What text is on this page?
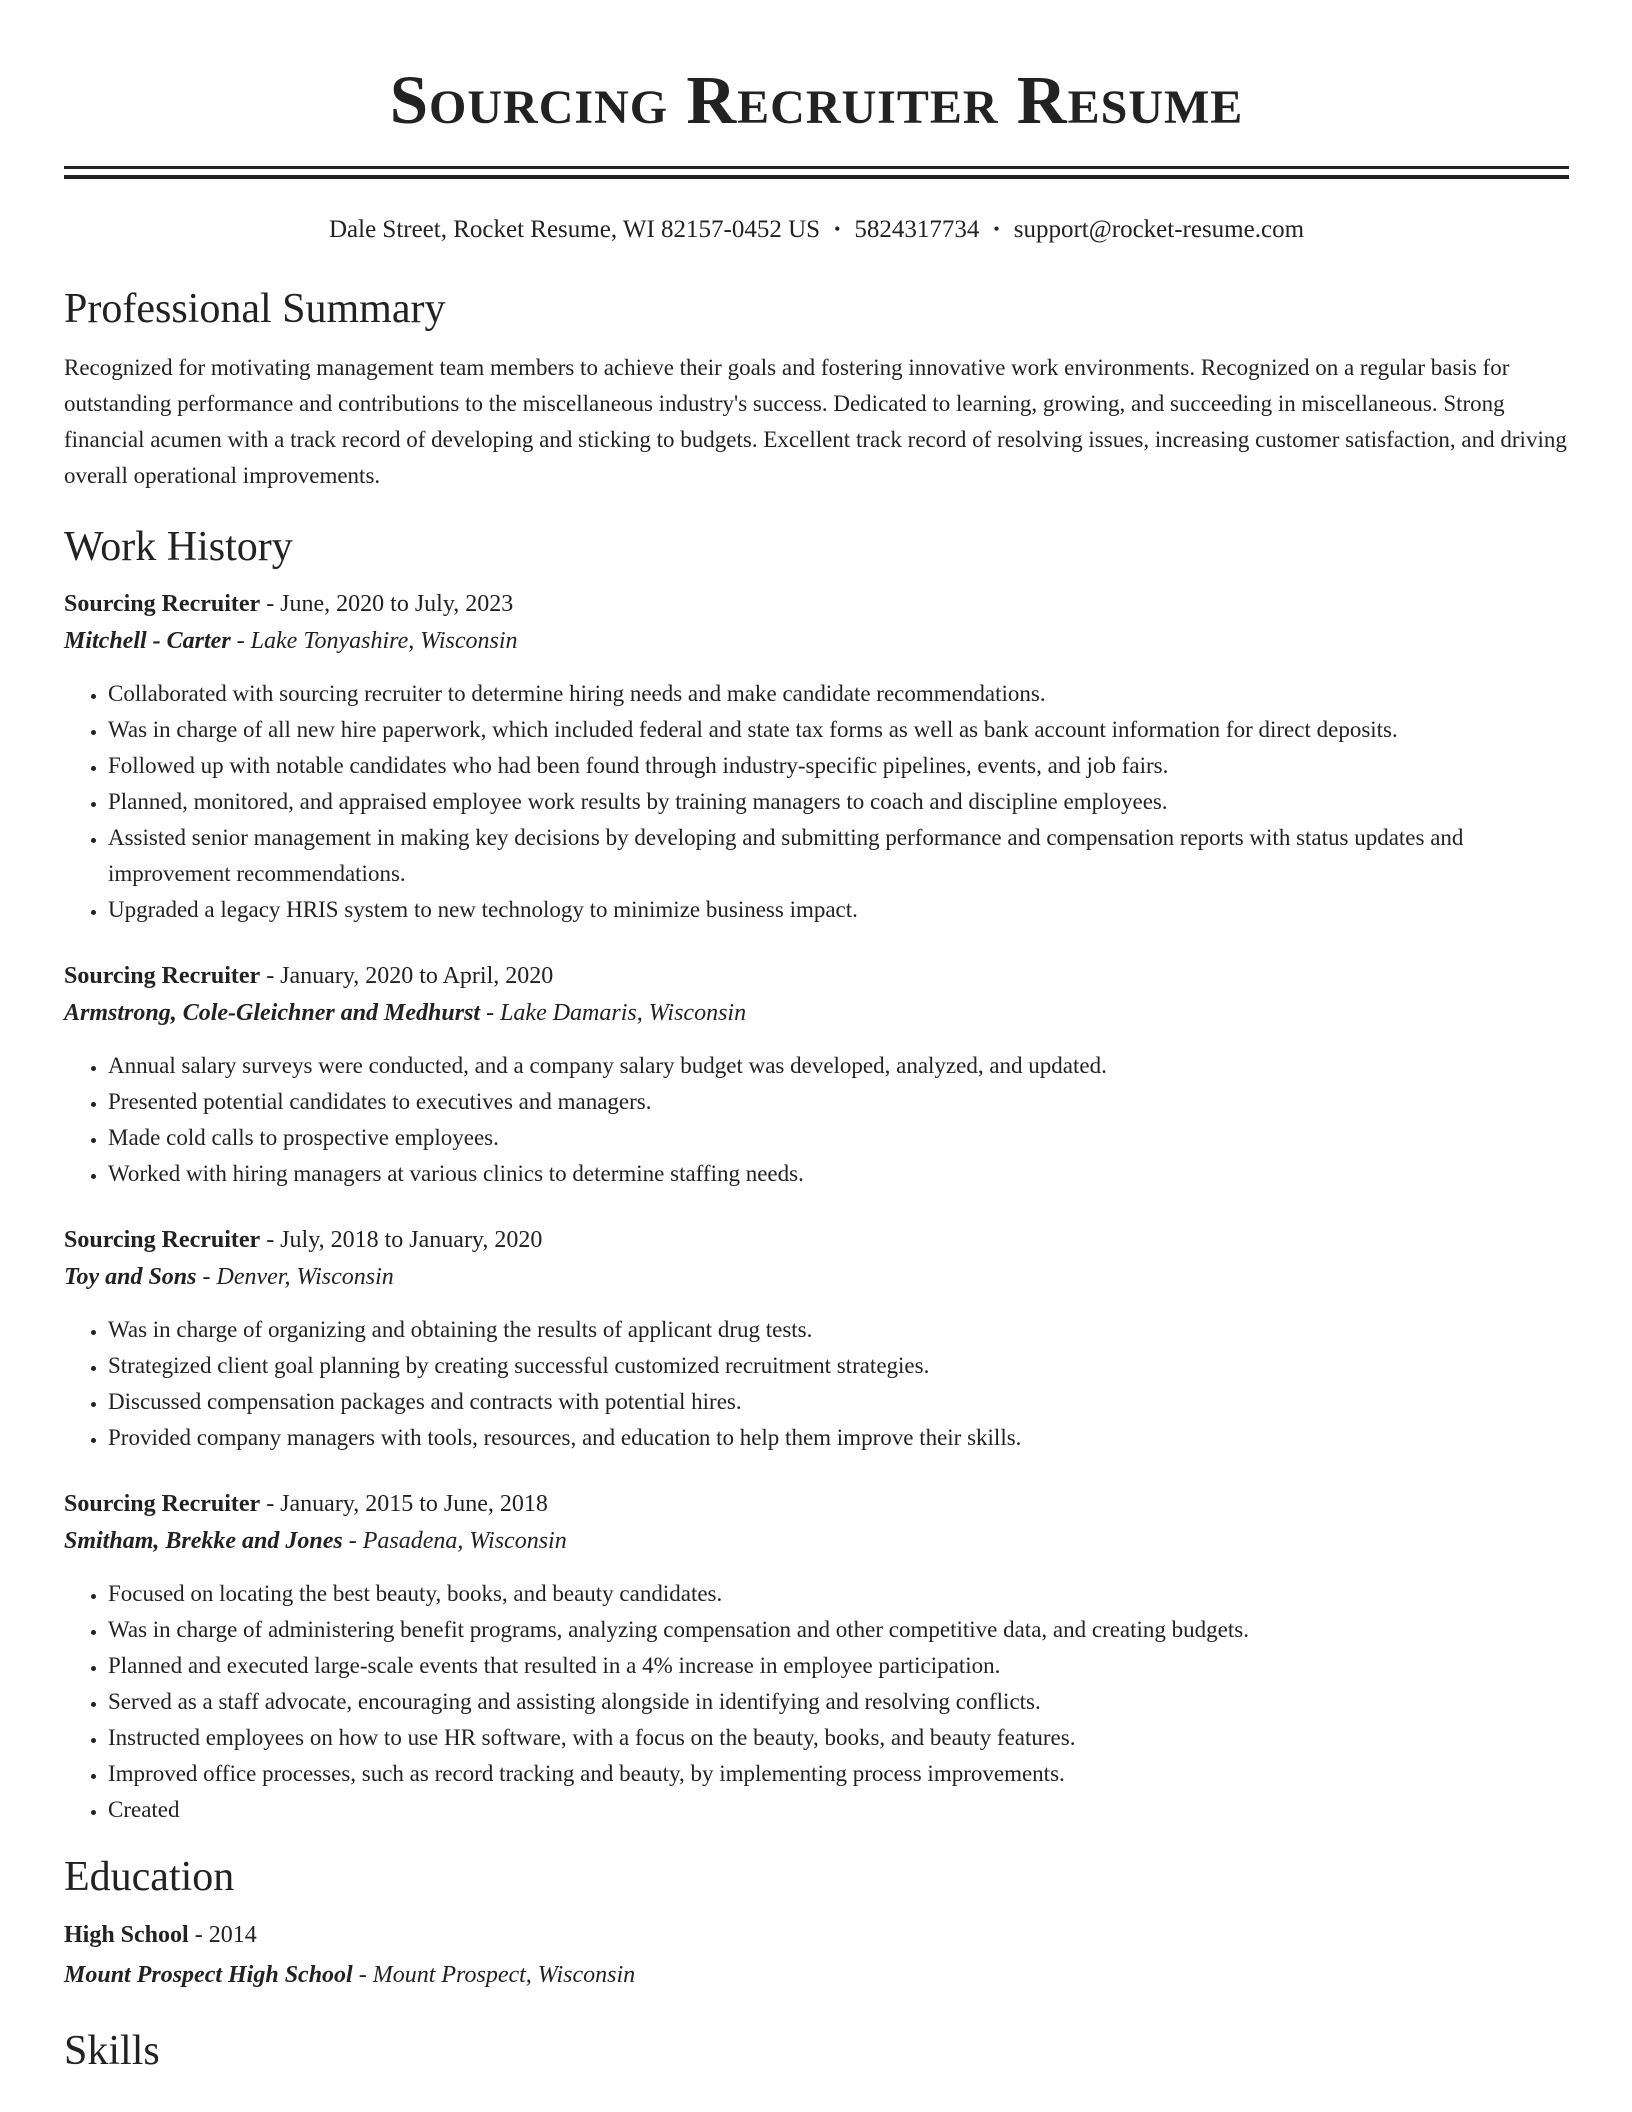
Sourcing Recruiter Resume
Dale Street, Rocket Resume, WI 82157-0452 US • 5824317734 • support@rocket-resume.com
Professional Summary

Recognized for motivating management team members to achieve their goals and fostering innovative work environments. Recognized on a regular basis for outstanding performance and contributions to the miscellaneous industry's success. Dedicated to learning, growing, and succeeding in miscellaneous. Strong financial acumen with a track record of developing and sticking to budgets. Excellent track record of resolving issues, increasing customer satisfaction, and driving overall operational improvements.

Work History
Sourcing Recruiter - June, 2020 to July, 2023
Mitchell - Carter - Lake Tonyashire, Wisconsin
• Collaborated with sourcing recruiter to determine hiring needs and make candidate recommendations.
• Was in charge of all new hire paperwork, which included federal and state tax forms as well as bank account information for direct deposits.
• Followed up with notable candidates who had been found through industry-specific pipelines, events, and job fairs.
• Planned, monitored, and appraised employee work results by training managers to coach and discipline employees.
• Assisted senior management in making key decisions by developing and submitting performance and compensation reports with status updates and improvement recommendations.
• Upgraded a legacy HRIS system to new technology to minimize business impact.
Sourcing Recruiter - January, 2020 to April, 2020
Armstrong, Cole-Gleichner and Medhurst - Lake Damaris, Wisconsin
• Annual salary surveys were conducted, and a company salary budget was developed, analyzed, and updated.
• Presented potential candidates to executives and managers.
• Made cold calls to prospective employees.
• Worked with hiring managers at various clinics to determine staffing needs.
Sourcing Recruiter - July, 2018 to January, 2020
Toy and Sons - Denver, Wisconsin
• Was in charge of organizing and obtaining the results of applicant drug tests.
• Strategized client goal planning by creating successful customized recruitment strategies.
• Discussed compensation packages and contracts with potential hires.
• Provided company managers with tools, resources, and education to help them improve their skills.
Sourcing Recruiter - January, 2015 to June, 2018
Smitham, Brekke and Jones - Pasadena, Wisconsin
• Focused on locating the best beauty, books, and beauty candidates.
• Was in charge of administering benefit programs, analyzing compensation and other competitive data, and creating budgets.
• Planned and executed large-scale events that resulted in a 4% increase in employee participation.
• Served as a staff advocate, encouraging and assisting alongside in identifying and resolving conflicts.
• Instructed employees on how to use HR software, with a focus on the beauty, books, and beauty features.
• Improved office processes, such as record tracking and beauty, by implementing process improvements.
• Created
Education
High School - 2014
Mount Prospect High School - Mount Prospect, Wisconsin
Skills
